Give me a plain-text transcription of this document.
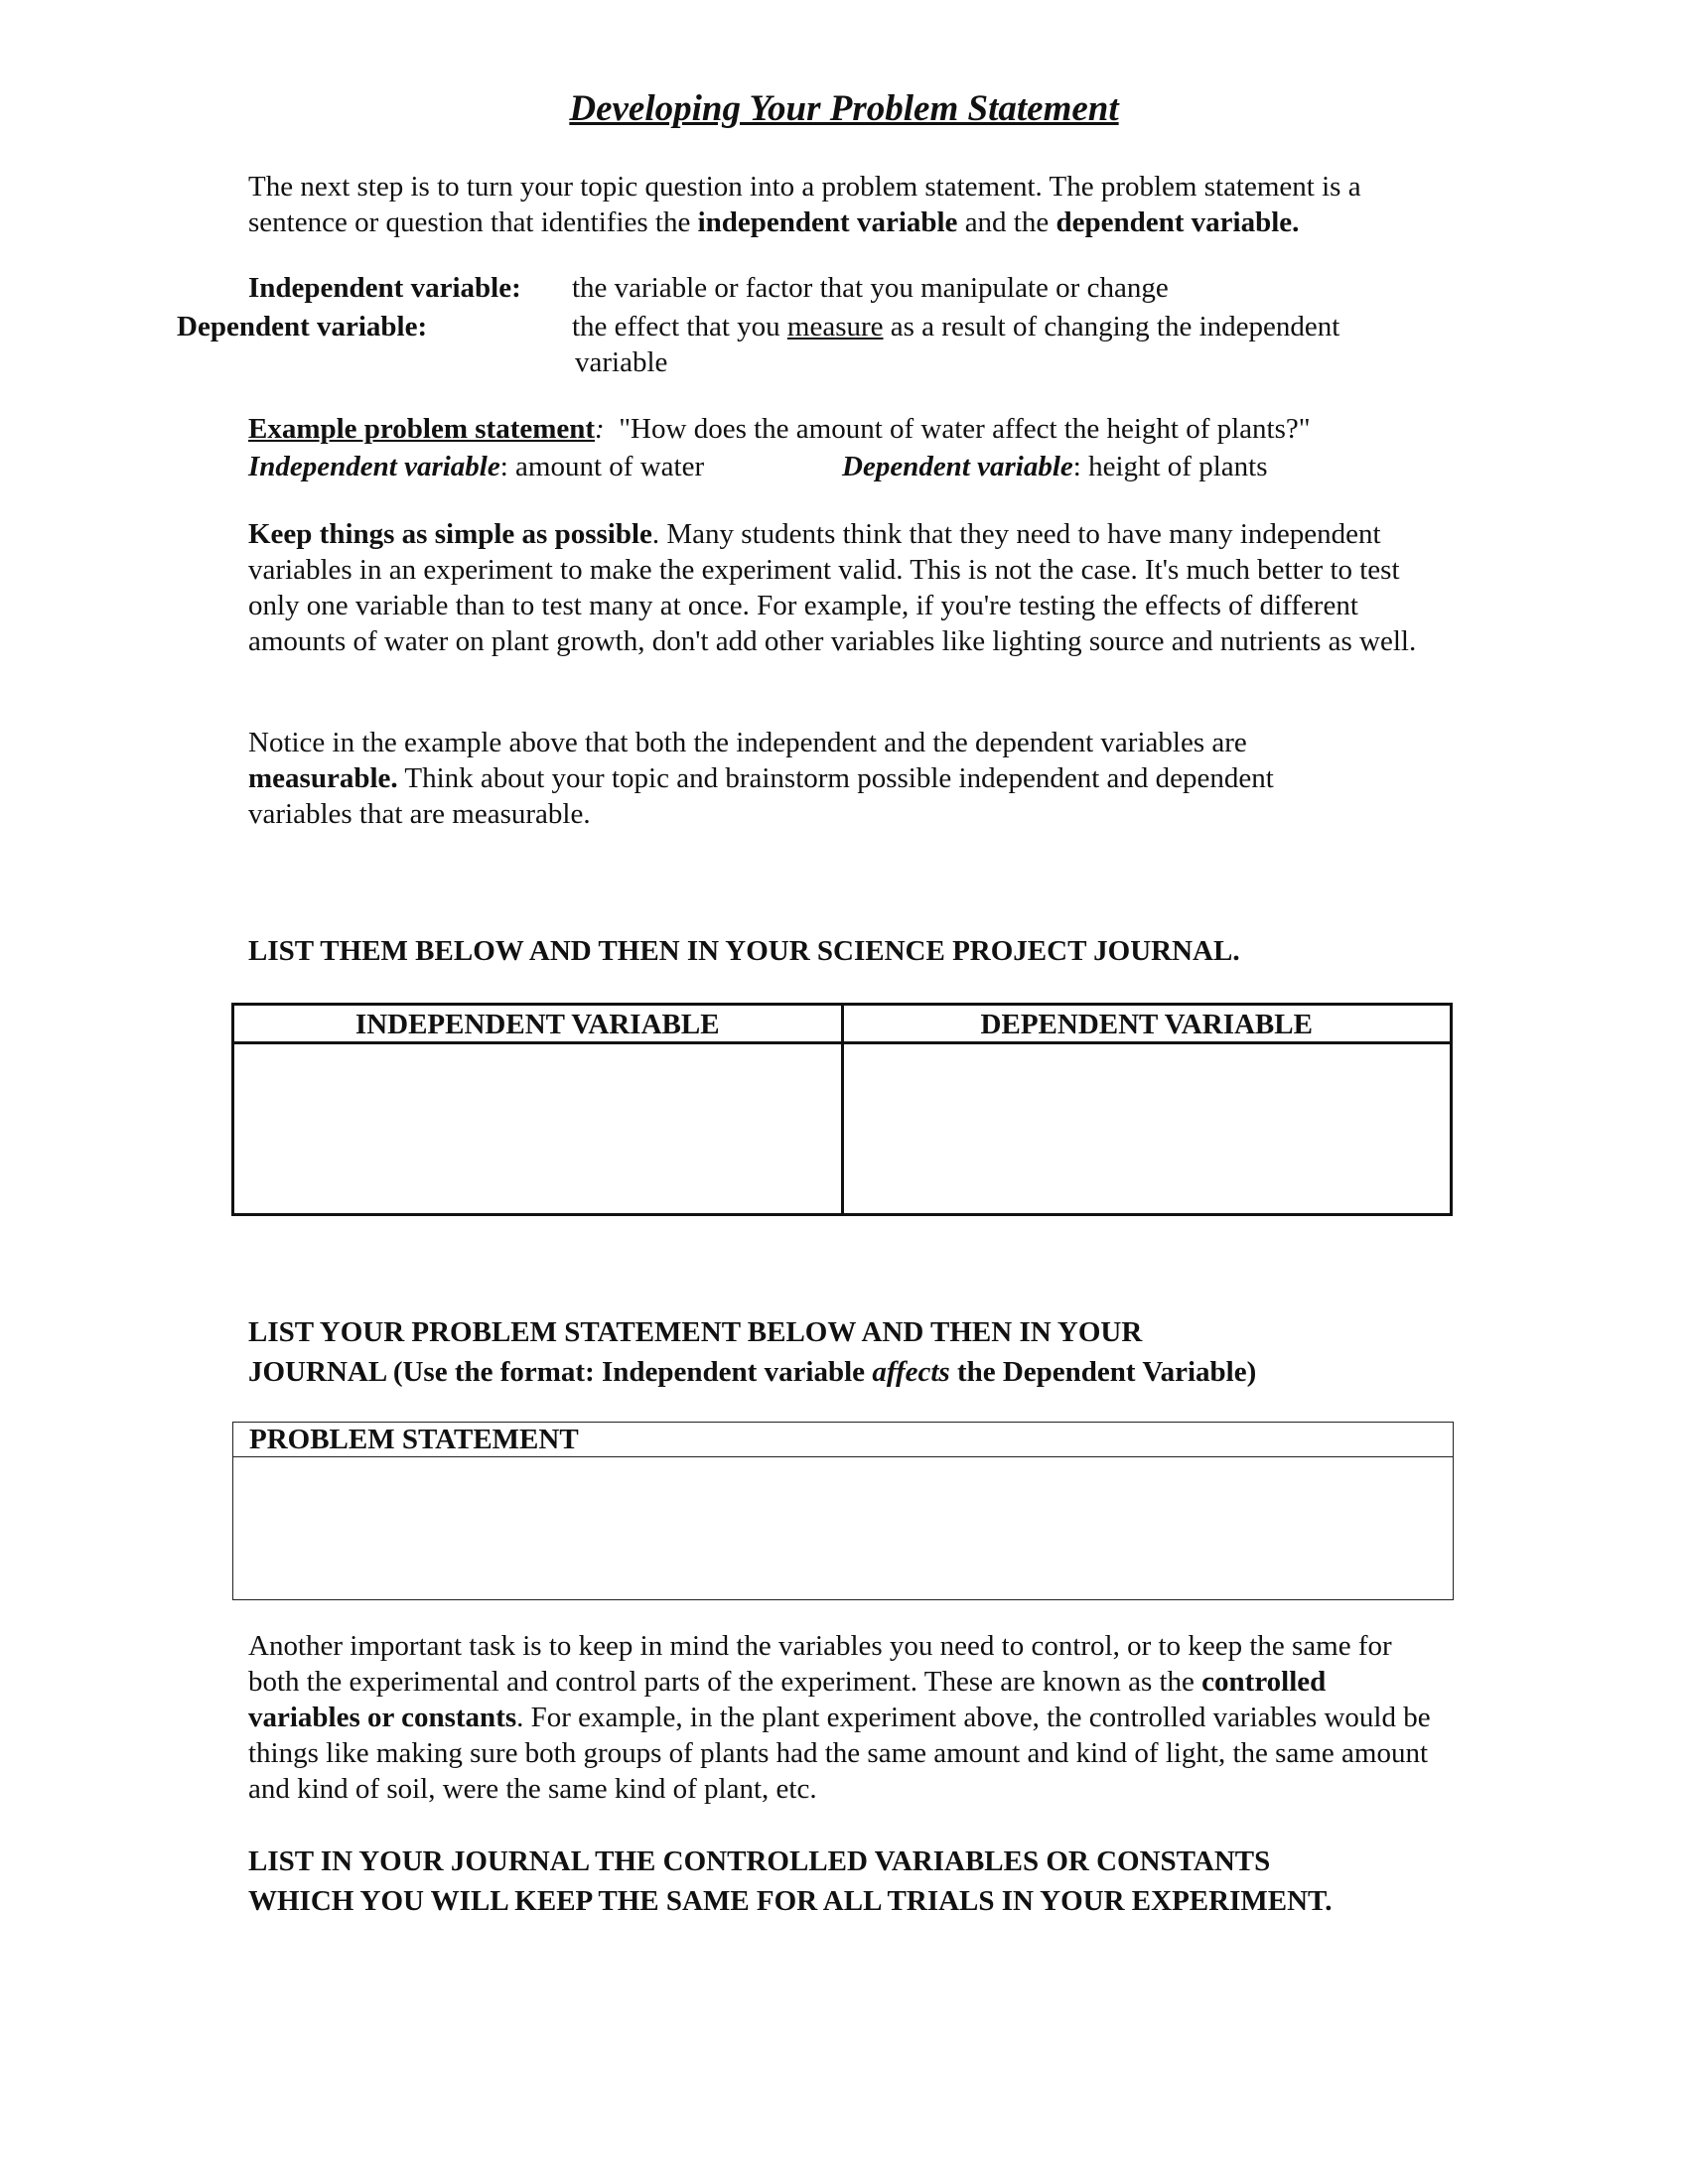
Developing Your Problem Statement
The next step is to turn your topic question into a problem statement. The problem statement is a sentence or question that identifies the independent variable and the dependent variable.
Independent variable: the variable or factor that you manipulate or change
Dependent variable:	the effect that you measure as a result of changing the independent
variable
Example problem statement: "How does the amount of water affect the height of plants?"
Independent variable: amount of water	Dependent variable: height of plants
Keep things as simple as possible. Many students think that they need to have many independent variables in an experiment to make the experiment valid. This is not the case. It's much better to test only one variable than to test many at once. For example, if you're testing the effects of different amounts of water on plant growth, don't add other variables like lighting source and nutrients as well.
Notice in the example above that both the independent and the dependent variables are measurable. Think about your topic and brainstorm possible independent and dependent variables that are measurable.
LIST THEM BELOW AND THEN IN YOUR SCIENCE PROJECT JOURNAL.
INDEPENDENT VARIABLE	DEPENDENT VARIABLE

LIST YOUR PROBLEM STATEMENT BELOW AND THEN IN YOUR
JOURNAL (Use the format: Independent variable affects the Dependent Variable)
PROBLEM STATEMENT
Another important task is to keep in mind the variables you need to control, or to keep the same for both the experimental and control parts of the experiment. These are known as the controlled variables or constants. For example, in the plant experiment above, the controlled variables would be things like making sure both groups of plants had the same amount and kind of light, the same amount and kind of soil, were the same kind of plant, etc.
LIST IN YOUR JOURNAL THE CONTROLLED VARIABLES OR CONSTANTS
WHICH YOU WILL KEEP THE SAME FOR ALL TRIALS IN YOUR EXPERIMENT.
